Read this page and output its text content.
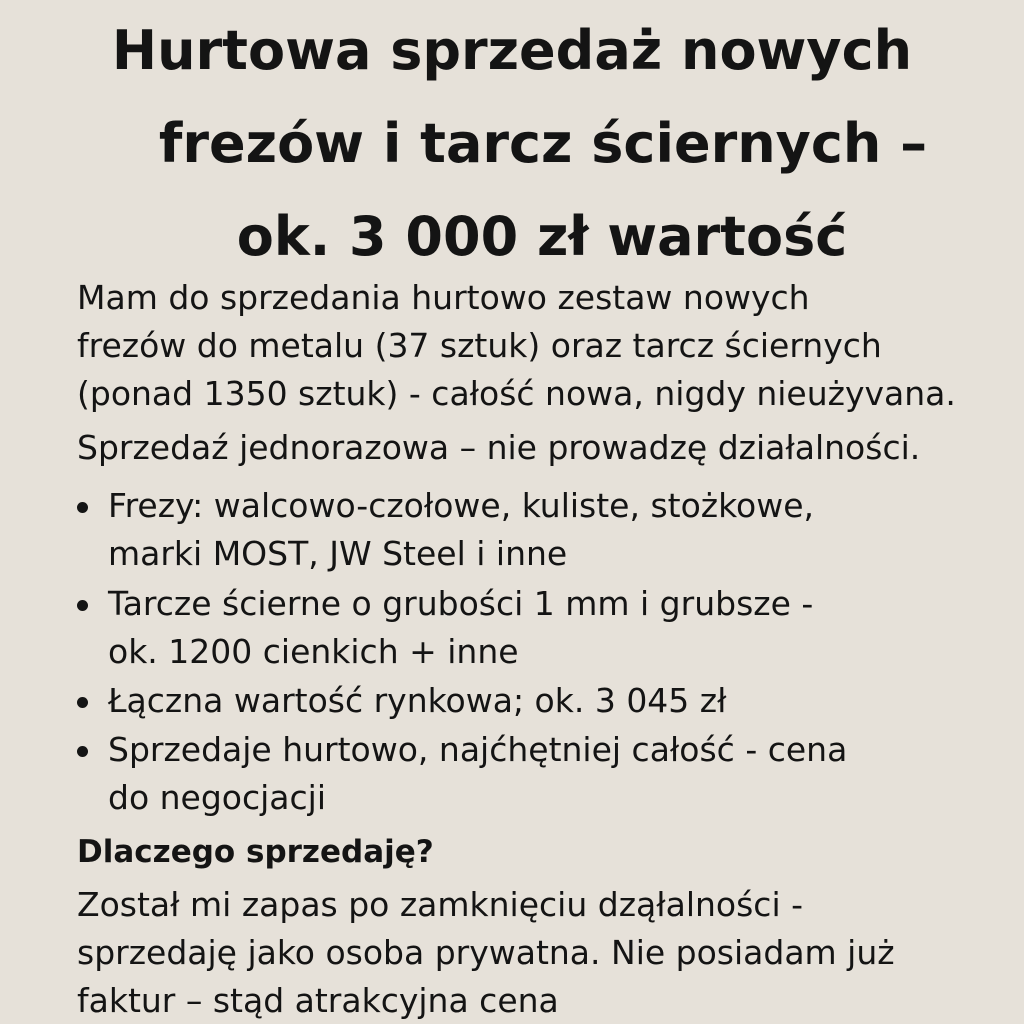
Hurtowa sprzedaż nowych
frezów i tarcz ściernych –
ok. 3 000 zł wartość

Mam do sprzedania hurtowo zestaw nowych
frezów do metalu (37 sztuk) oraz tarcz ściernych
(ponad 1350 sztuk) - całość nowa, nigdy nieużyvana.

Sprzedaź jednorazowa – nie prowadzę działalności.

Frezy: walcowo-czołowe, kuliste, stożkowe,
marki MOST, JW Steel i inne
Tarcze ścierne o grubości 1 mm i grubsze -
ok. 1200 cienkich + inne
Łączna wartość rynkowa; ok. 3 045 zł
Sprzedaje hurtowo, najćhętniej całość - cena
do negocjacji
Dlaczego sprzedaję?

Został mi zapas po zamknięciu dząłalności -
sprzedaję jako osoba prywatna. Nie posiadam już
faktur – stąd atrakcyjna cena
